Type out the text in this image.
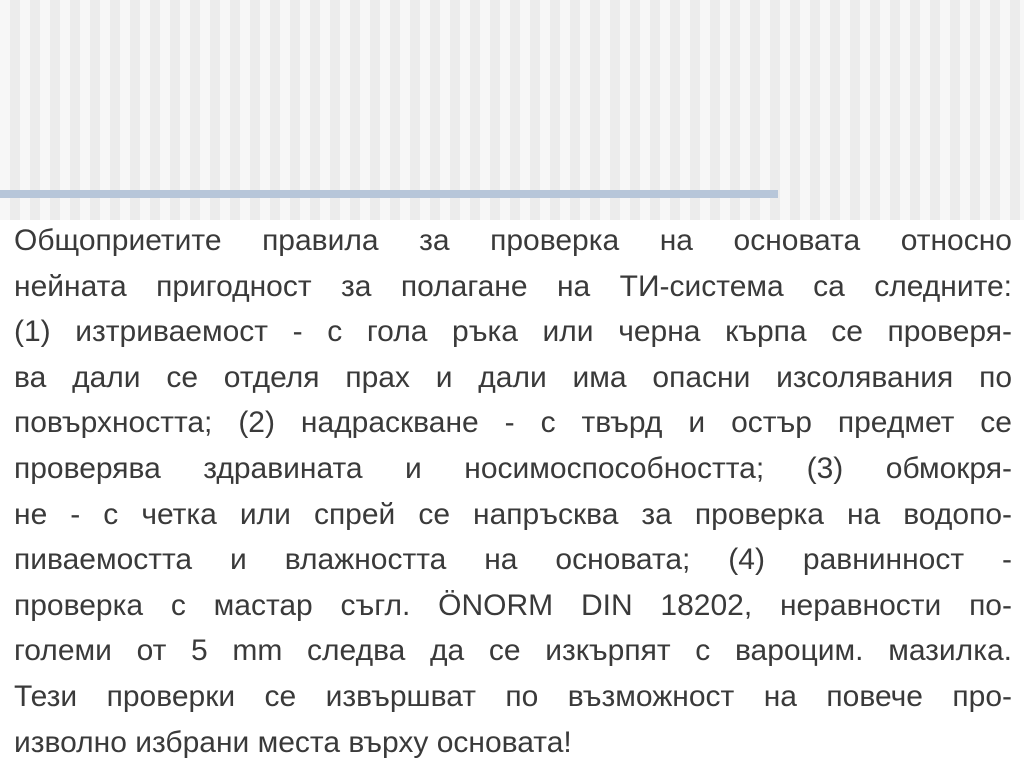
Общоприетите правила за проверка на основата относно
нейната пригодност за полагане на ТИ-система са следните:
(1) изтриваемост - с гола ръка или черна кърпа се проверя-
ва дали се отделя прах и дали има опасни изсолявания по
повърхността; (2) надраскване - с твърд и остър предмет се
проверява здравината и носимоспособността; (3) обмокря-
не - с четка или спрей се напръсква за проверка на водопо-
пиваемостта и влажността на основата; (4) равнинност -
проверка с мастар съгл. ÖNORM DIN 18202, неравности по-
големи от 5 mm следва да се изкърпят с вароцим. мазилка.
Тези проверки се извършват по възможност на повече про-
изволно избрани места върху основата!
